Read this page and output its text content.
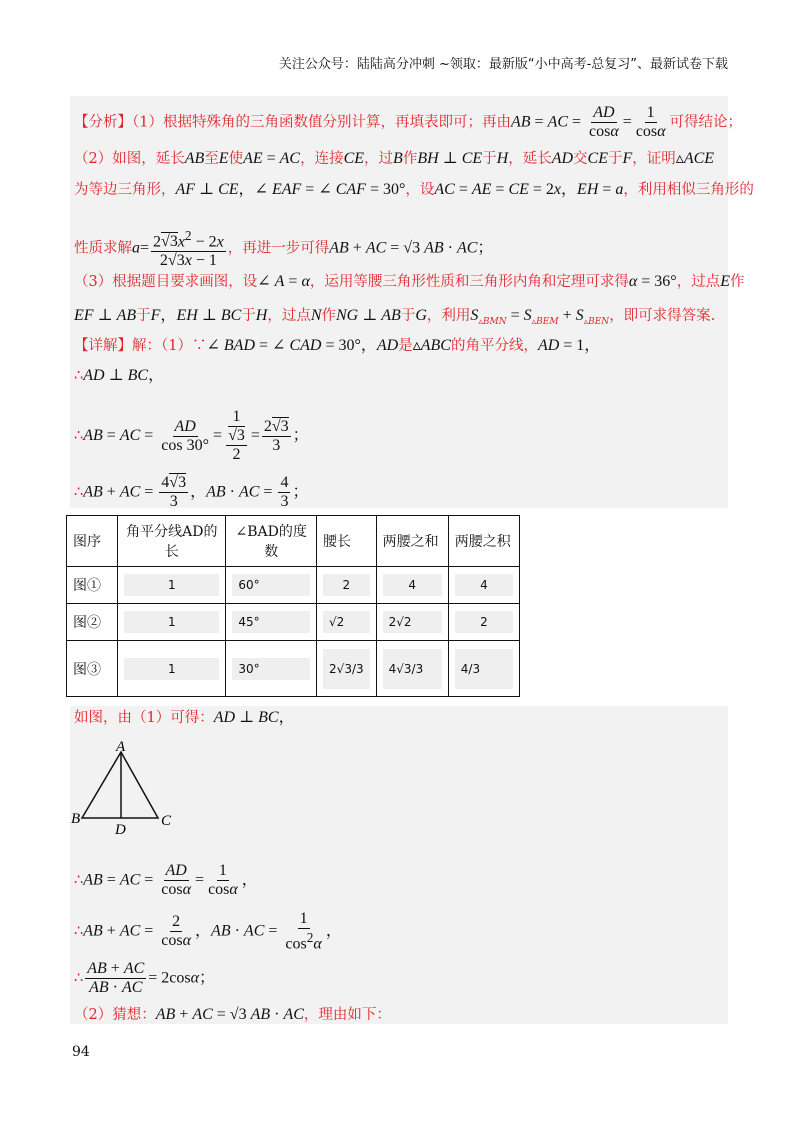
关注公众号：陆陆高分冲刺 ~领取：最新版“小中高考-总复习”、最新试卷下载
【分析】（1）根据特殊角的三角函数值分别计算，再填表即可；再由AB = AC = $\frac{AD}{\cos\alpha} = \frac{1}{\cos\alpha}$ 可得结论；
（2）如图，延长AB至E使AE = AC，连接CE，过B作BH ⊥ CE于H，延长AD交CE于F，证明▵ACE
为等边三角形，AF ⊥ CE，∠ EAF = ∠ CAF = 30°，设AC = AE = CE = 2x，EH = a，利用相似三角形的
性质求解$a= \frac{2√3x^2 - 2x}{2√3x - 1}$ ，再进一步可得AB + AC = √3 AB · AC；
（3）根据题目要求画图，设∠ A = α，运用等腰三角形性质和三角形内角和定理可求得α = 36°，过点E作
EF ⊥ AB于F，EH ⊥ BC于H，过点N作NG ⊥ AB于G，利用$S_{▵BMN} = S_{▵BEM} + S_{▵BEN}$，即可求得答案.
【详解】解：（1）∵∠ BAD = ∠ CAD = 30°，AD是▵ABC的角平分线，AD = 1，
∴AD ⊥ BC，
∴AB = AC = $\frac{AD}{\cos 30^\circ} = \frac{1}{\frac{√3}{2}} = \frac{2√3}{3}$ ；
∴AB + AC = $\frac{4√3}{3}$ ，AB · AC = $\frac{4}{3}$ ；
图序	角平分线AD的长	∠BAD的度数	腰长	两腰之和	两腰之积
图①	1	60°	2	4	4

图②	1	45°	√2	2√2	2

图③	1	30°	2√3/3	4√3/3	4/3
如图，由（1）可得：AD ⊥ BC，
A
B	C
D
∴AB = AC = $\frac{AD}{\cos\alpha} = \frac{1}{\cos\alpha}$ ，
∴AB + AC = $\frac{2}{\cos\alpha}$ ，AB · AC = $\frac{1}{\cos^2\alpha}$ ，
∴ $\frac{AB + AC}{AB \cdot AC} = 2\cos\alpha$；
（2）猜想：AB + AC = √3 AB · AC，理由如下：
94
